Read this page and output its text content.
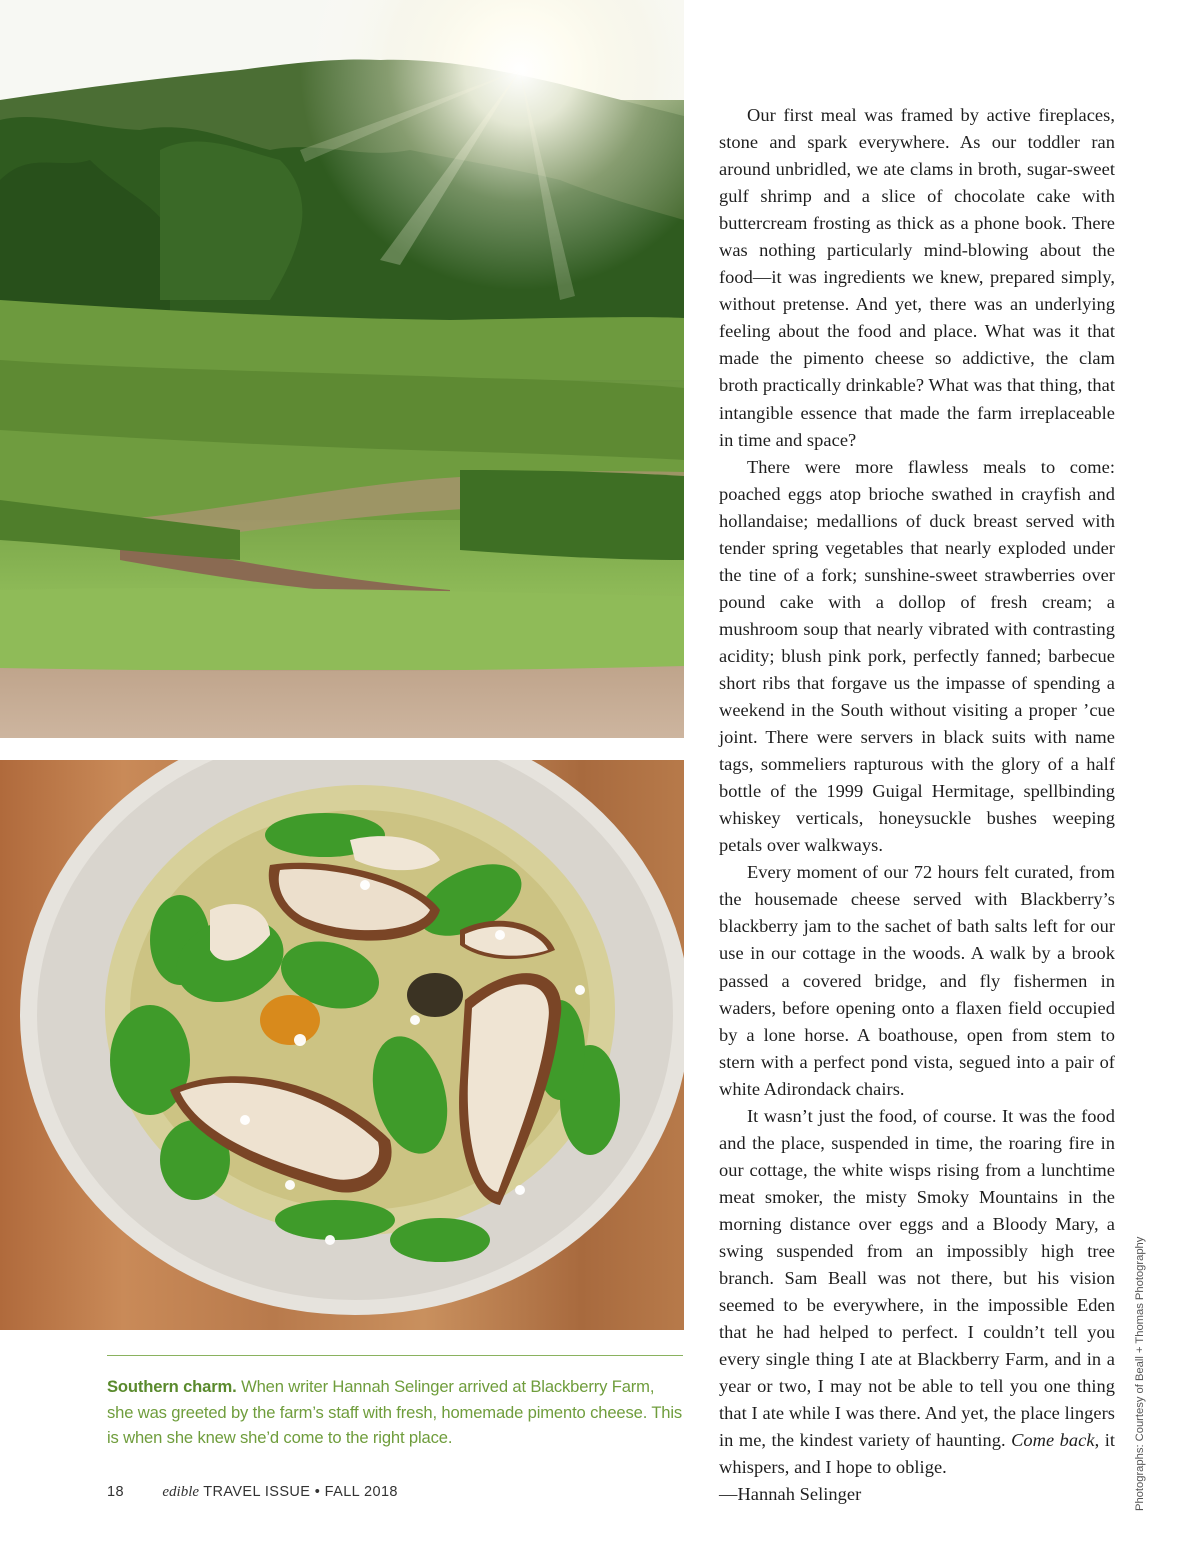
Our first meal was framed by active fireplaces, stone and spark everywhere. As our toddler ran around unbridled, we ate clams in broth, sugar-sweet gulf shrimp and a slice of chocolate cake with buttercream frosting as thick as a phone book. There was nothing particularly mind-blowing about the food—it was ingredients we knew, prepared simply, without pretense. And yet, there was an underlying feeling about the food and place. What was it that made the pimento cheese so addictive, the clam broth practically drinkable? What was that thing, that intangible essence that made the farm irreplaceable in time and space?

There were more flawless meals to come: poached eggs atop brioche swathed in crayfish and hollandaise; medallions of duck breast served with tender spring vegetables that nearly exploded under the tine of a fork; sunshine-sweet strawberries over pound cake with a dollop of fresh cream; a mushroom soup that nearly vibrated with contrasting acidity; blush pink pork, perfectly fanned; barbecue short ribs that forgave us the impasse of spending a weekend in the South without visiting a proper ’cue joint. There were servers in black suits with name tags, sommeliers rapturous with the glory of a half bottle of the 1999 Guigal Hermitage, spellbinding whiskey verticals, honeysuckle bushes weeping petals over walkways.

Every moment of our 72 hours felt curated, from the housemade cheese served with Blackberry’s blackberry jam to the sachet of bath salts left for our use in our cottage in the woods. A walk by a brook passed a covered bridge, and fly fishermen in waders, before opening onto a flaxen field occupied by a lone horse. A boathouse, open from stem to stern with a perfect pond vista, segued into a pair of white Adirondack chairs.

It wasn’t just the food, of course. It was the food and the place, suspended in time, the roaring fire in our cottage, the white wisps rising from a lunchtime meat smoker, the misty Smoky Mountains in the morning distance over eggs and a Bloody Mary, a swing suspended from an impossibly high tree branch. Sam Beall was not there, but his vision seemed to be everywhere, in the impossible Eden that he had helped to perfect. I couldn’t tell you every single thing I ate at Blackberry Farm, and in a year or two, I may not be able to tell you one thing that I ate while I was there. And yet, the place lingers in me, the kindest variety of haunting. Come back, it whispers, and I hope to oblige.

—Hannah Selinger	Photographs: Courtesy of Beall + Thomas Photography
Southern charm. When writer Hannah Selinger arrived at Blackberry Farm, she was greeted by the farm’s staff with fresh, homemade pimento cheese. This is when she knew she’d come to the right place.
18	edible TRAVEL ISSUE • FALL 2018
